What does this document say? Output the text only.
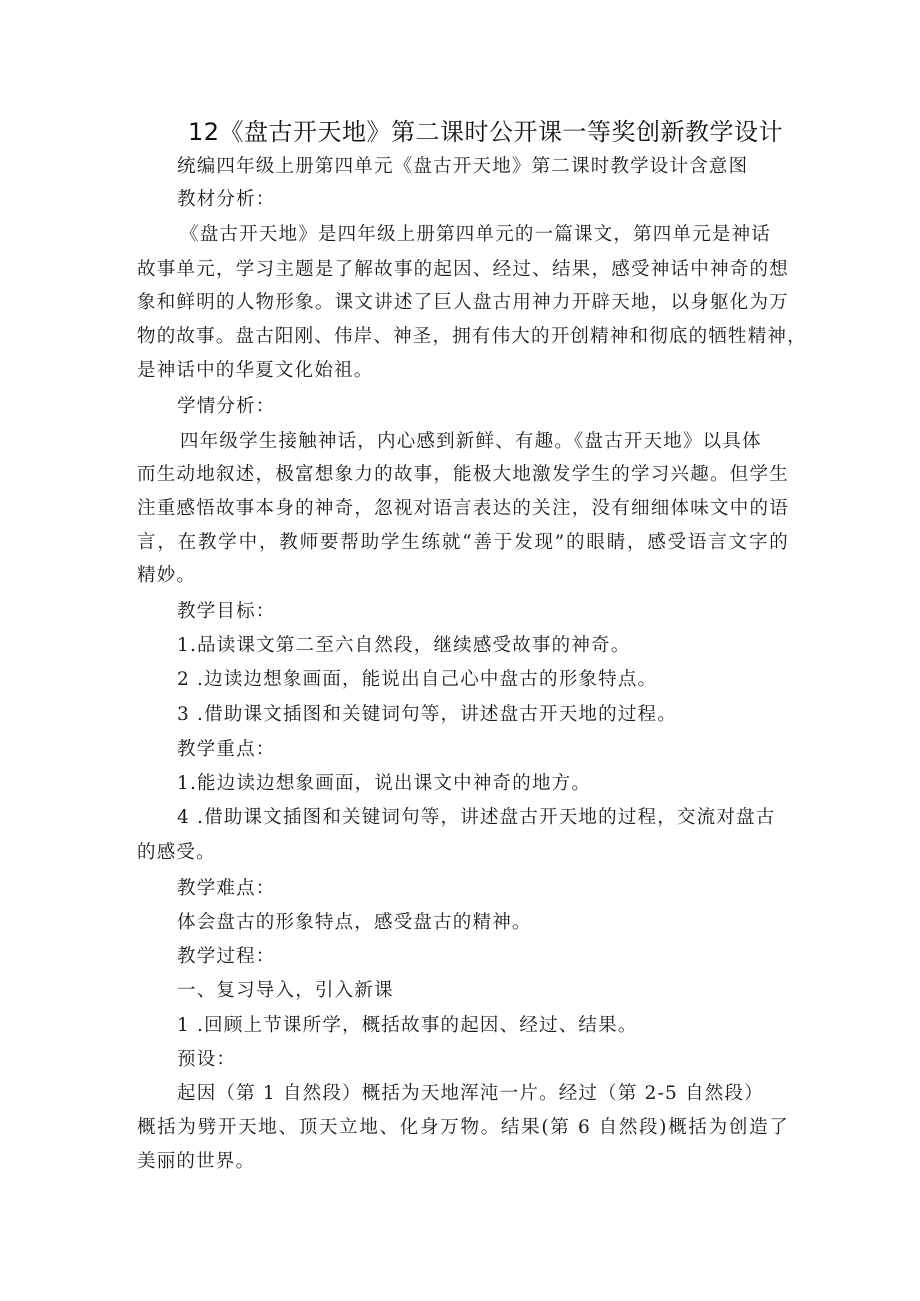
12《盘古开天地》第二课时公开课一等奖创新教学设计
统编四年级上册第四单元《盘古开天地》第二课时教学设计含意图
教材分析：
《盘古开天地》是四年级上册第四单元的一篇课文，第四单元是神话
故事单元，学习主题是了解故事的起因、经过、结果，感受神话中神奇的想
象和鲜明的人物形象。课文讲述了巨人盘古用神力开辟天地，以身躯化为万
物的故事。盘古阳刚、伟岸、神圣，拥有伟大的开创精神和彻底的牺牲精神，
是神话中的华夏文化始祖。
学情分析：
四年级学生接触神话，内心感到新鲜、有趣。《盘古开天地》以具体
而生动地叙述，极富想象力的故事，能极大地激发学生的学习兴趣。但学生
注重感悟故事本身的神奇，忽视对语言表达的关注，没有细细体味文中的语
言，在教学中，教师要帮助学生练就“善于发现”的眼睛，感受语言文字的
精妙。
教学目标：
1.品读课文第二至六自然段，继续感受故事的神奇。
2 .边读边想象画面，能说出自己心中盘古的形象特点。
3 .借助课文插图和关键词句等，讲述盘古开天地的过程。
教学重点：
1.能边读边想象画面，说出课文中神奇的地方。
4 .借助课文插图和关键词句等，讲述盘古开天地的过程，交流对盘古
的感受。
教学难点：
体会盘古的形象特点，感受盘古的精神。
教学过程：
一、复习导入，引入新课
1 .回顾上节课所学，概括故事的起因、经过、结果。
预设：
起因（第 1 自然段）概括为天地浑沌一片。经过（第 2-5 自然段）
概括为劈开天地、顶天立地、化身万物。结果(第 6 自然段)概括为创造了
美丽的世界。
